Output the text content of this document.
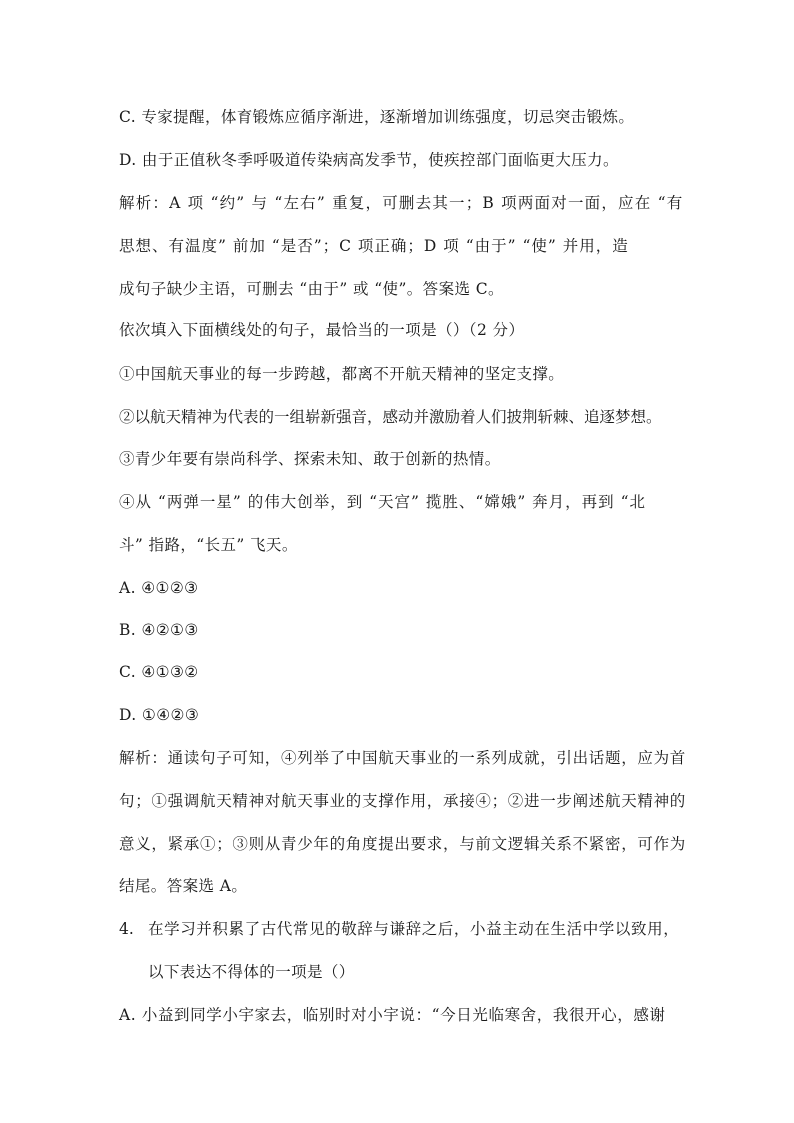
C. 专家提醒，体育锻炼应循序渐进，逐渐增加训练强度，切忌突击锻炼。
D. 由于正值秋冬季呼吸道传染病高发季节，使疾控部门面临更大压力。
解析：A 项 “约” 与 “左右” 重复，可删去其一；B 项两面对一面，应在 “有
思想、有温度” 前加 “是否”；C 项正确；D 项 “由于” “使” 并用，造
成句子缺少主语，可删去 “由于” 或 “使”。答案选 C。
依次填入下面横线处的句子，最恰当的一项是（）（2 分）
①中国航天事业的每一步跨越，都离不开航天精神的坚定支撑。
②以航天精神为代表的一组崭新强音，感动并激励着人们披荆斩棘、追逐梦想。
③青少年要有崇尚科学、探索未知、敢于创新的热情。
④从 “两弹一星” 的伟大创举，到 “天宫” 揽胜、“嫦娥” 奔月，再到 “北
斗” 指路，“长五” 飞天。
A. ④①②③
B. ④②①③
C. ④①③②
D. ①④②③
解析：通读句子可知，④列举了中国航天事业的一系列成就，引出话题，应为首
句；①强调航天精神对航天事业的支撑作用，承接④；②进一步阐述航天精神的
意义，紧承①；③则从青少年的角度提出要求，与前文逻辑关系不紧密，可作为
结尾。答案选 A。
4. 在学习并积累了古代常见的敬辞与谦辞之后，小益主动在生活中学以致用，
以下表达不得体的一项是（）
A. 小益到同学小宇家去，临别时对小宇说：“今日光临寒舍，我很开心，感谢
